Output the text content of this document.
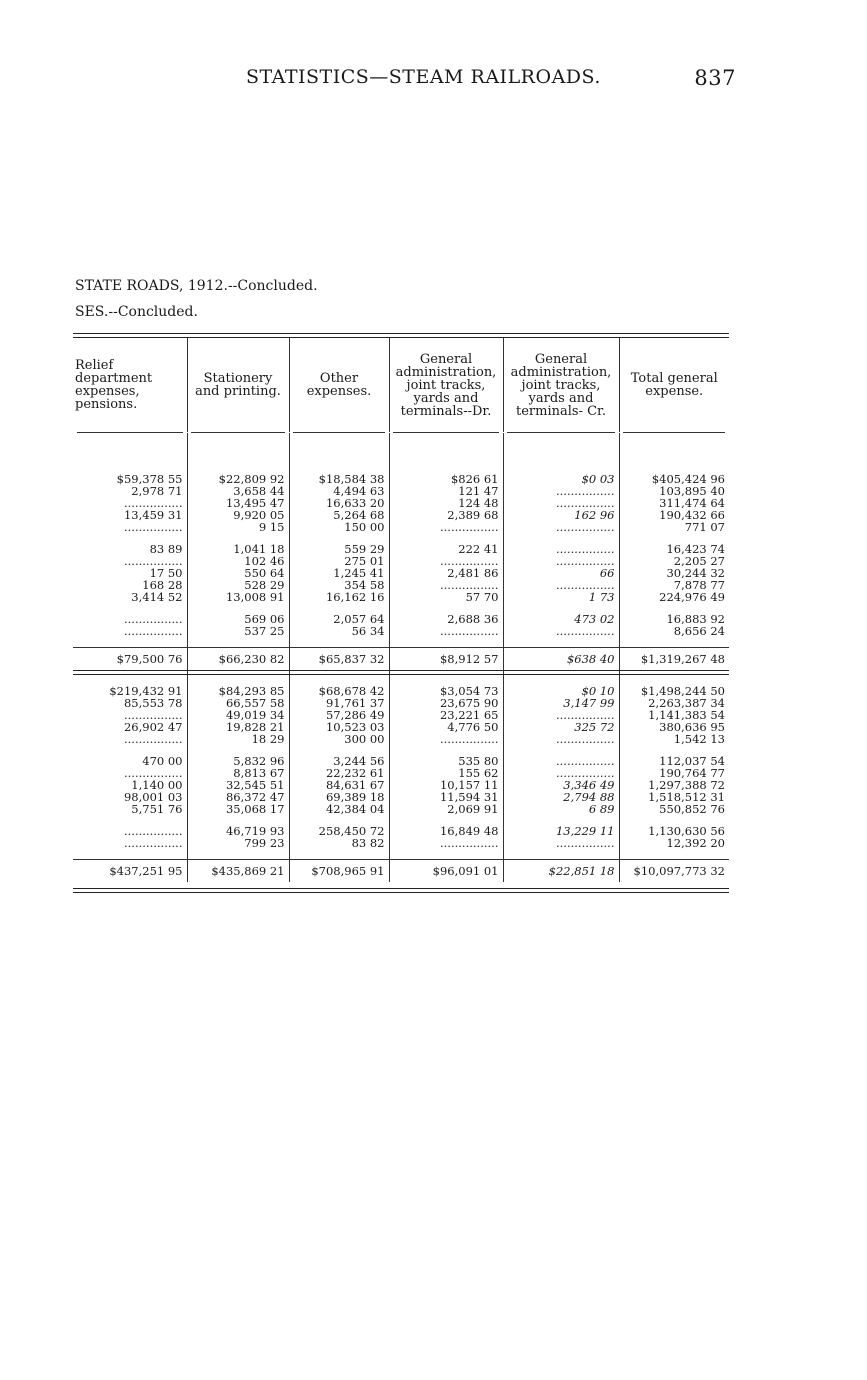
STATISTICS—STEAM RAILROADS.	837
STATE ROADS, 1912.--Concluded.
SES.--Concluded.
Relief department expenses, pensions.	Stationery and printing.	Other expenses.	General administration, joint tracks, yards and terminals--Dr.	General administration, joint tracks, yards and terminals- Cr.	Total general expense.

$59,378 55	$22,809 92	$18,584 38	$826 61	$0 03	$405,424 96
2,978 71	3,658 44	4,494 63	121 47	................	103,895 40
................	13,495 47	16,633 20	124 48	................	311,474 64
13,459 31	9,920 05	5,264 68	2,389 68	162 96	190,432 66
................	9 15	150 00	................	................	771 07

83 89	1,041 18	559 29	222 41	................	16,423 74
................	102 46	275 01	................	................	2,205 27
17 50	550 64	1,245 41	2,481 86	66	30,244 32
168 28	528 29	354 58	................	................	7,878 77
3,414 52	13,008 91	16,162 16	57 70	1 73	224,976 49

................	569 06	2,057 64	2,688 36	473 02	16,883 92
................	537 25	56 34	................	................	8,656 24

$79,500 76	$66,230 82	$65,837 32	$8,912 57	$638 40	$1,319,267 48

$219,432 91	$84,293 85	$68,678 42	$3,054 73	$0 10	$1,498,244 50
85,553 78	66,557 58	91,761 37	23,675 90	3,147 99	2,263,387 34
................	49,019 34	57,286 49	23,221 65	................	1,141,383 54
26,902 47	19,828 21	10,523 03	4,776 50	325 72	380,636 95
................	18 29	300 00	................	................	1,542 13

470 00	5,832 96	3,244 56	535 80	................	112,037 54
................	8,813 67	22,232 61	155 62	................	190,764 77
1,140 00	32,545 51	84,631 67	10,157 11	3,346 49	1,297,388 72
98,001 03	86,372 47	69,389 18	11,594 31	2,794 88	1,518,512 31
5,751 76	35,068 17	42,384 04	2,069 91	6 89	550,852 76

................	46,719 93	258,450 72	16,849 48	13,229 11	1,130,630 56
................	799 23	83 82	................	................	12,392 20

$437,251 95	$435,869 21	$708,965 91	$96,091 01	$22,851 18	$10,097,773 32
